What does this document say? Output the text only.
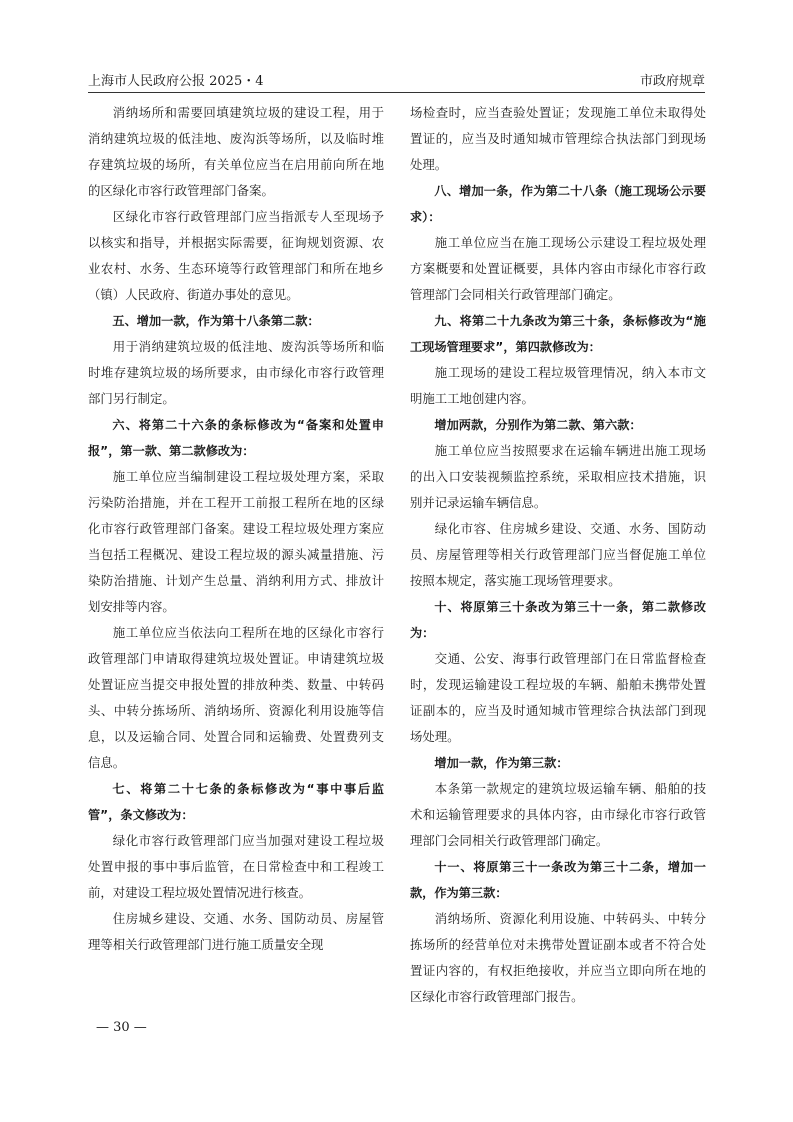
上海市人民政府公报 2025・4	市政府规章

消纳场所和需要回填建筑垃圾的建设工程，用于消纳建筑垃圾的低洼地、废沟浜等场所，以及临时堆存建筑垃圾的场所，有关单位应当在启用前向所在地的区绿化市容行政管理部门备案。

区绿化市容行政管理部门应当指派专人至现场予以核实和指导，并根据实际需要，征询规划资源、农业农村、水务、生态环境等行政管理部门和所在地乡（镇）人民政府、街道办事处的意见。

五、增加一款，作为第十八条第二款：

用于消纳建筑垃圾的低洼地、废沟浜等场所和临时堆存建筑垃圾的场所要求，由市绿化市容行政管理部门另行制定。

六、将第二十六条的条标修改为“备案和处置申报”，第一款、第二款修改为：

施工单位应当编制建设工程垃圾处理方案，采取污染防治措施，并在工程开工前报工程所在地的区绿化市容行政管理部门备案。建设工程垃圾处理方案应当包括工程概况、建设工程垃圾的源头减量措施、污染防治措施、计划产生总量、消纳利用方式、排放计划安排等内容。

施工单位应当依法向工程所在地的区绿化市容行政管理部门申请取得建筑垃圾处置证。申请建筑垃圾处置证应当提交申报处置的排放种类、数量、中转码头、中转分拣场所、消纳场所、资源化利用设施等信息，以及运输合同、处置合同和运输费、处置费列支信息。

七、将第二十七条的条标修改为“事中事后监管”，条文修改为：

绿化市容行政管理部门应当加强对建设工程垃圾处置申报的事中事后监管，在日常检查中和工程竣工前，对建设工程垃圾处置情况进行核查。

住房城乡建设、交通、水务、国防动员、房屋管理等相关行政管理部门进行施工质量安全现

场检查时，应当查验处置证；发现施工单位未取得处置证的，应当及时通知城市管理综合执法部门到现场处理。

八、增加一条，作为第二十八条（施工现场公示要求）：

施工单位应当在施工现场公示建设工程垃圾处理方案概要和处置证概要，具体内容由市绿化市容行政管理部门会同相关行政管理部门确定。

九、将第二十九条改为第三十条，条标修改为“施工现场管理要求”，第四款修改为：

施工现场的建设工程垃圾管理情况，纳入本市文明施工工地创建内容。

增加两款，分别作为第二款、第六款：

施工单位应当按照要求在运输车辆进出施工现场的出入口安装视频监控系统，采取相应技术措施，识别并记录运输车辆信息。

绿化市容、住房城乡建设、交通、水务、国防动员、房屋管理等相关行政管理部门应当督促施工单位按照本规定，落实施工现场管理要求。

十、将原第三十条改为第三十一条，第二款修改为：

交通、公安、海事行政管理部门在日常监督检查时，发现运输建设工程垃圾的车辆、船舶未携带处置证副本的，应当及时通知城市管理综合执法部门到现场处理。

增加一款，作为第三款：

本条第一款规定的建筑垃圾运输车辆、船舶的技术和运输管理要求的具体内容，由市绿化市容行政管理部门会同相关行政管理部门确定。

十一、将原第三十一条改为第三十二条，增加一款，作为第三款：

消纳场所、资源化利用设施、中转码头、中转分拣场所的经营单位对未携带处置证副本或者不符合处置证内容的，有权拒绝接收，并应当立即向所在地的区绿化市容行政管理部门报告。

— 30 —
